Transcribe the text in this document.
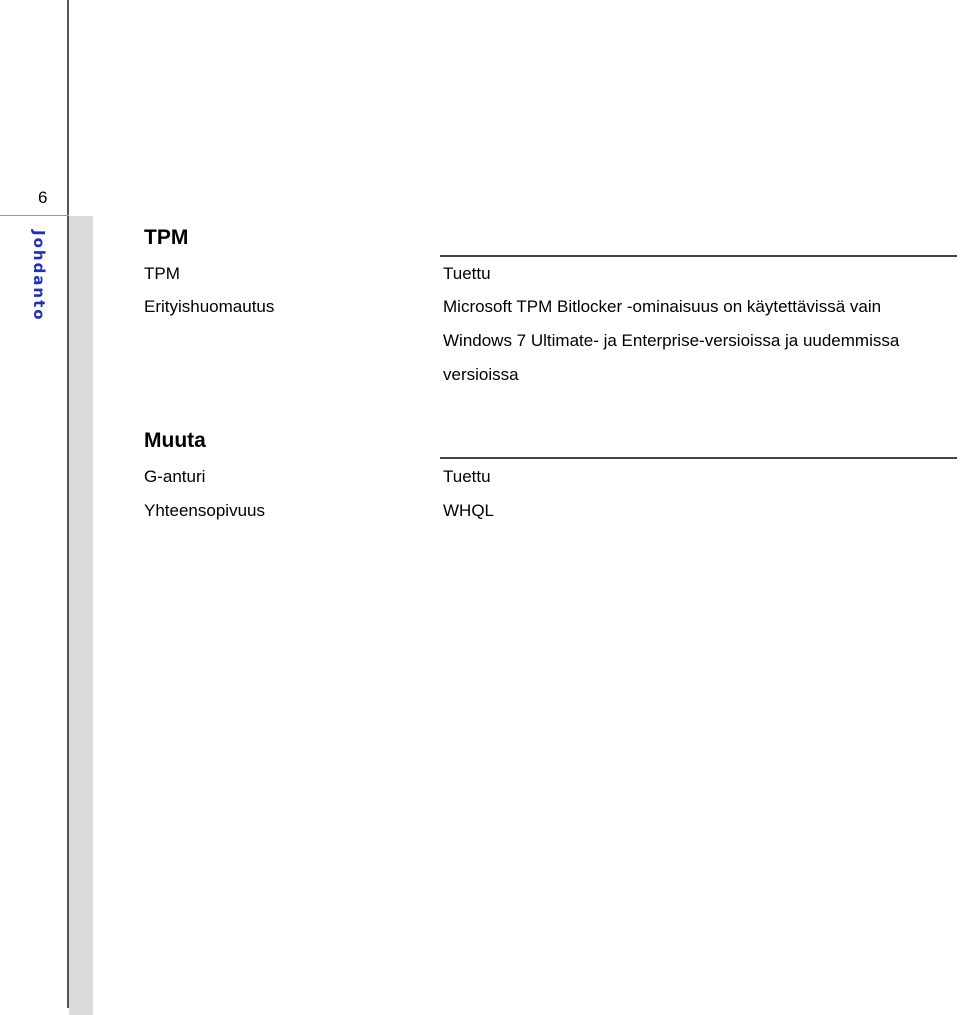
6
Johdanto	TPM
TPM	Tuettu
Erityishuomautus	Microsoft TPM Bitlocker -ominaisuus on käytettävissä vain
Windows 7 Ultimate- ja Enterprise-versioissa ja uudemmissa
versioissa
Muuta
G-anturi	Tuettu
Yhteensopivuus	WHQL
